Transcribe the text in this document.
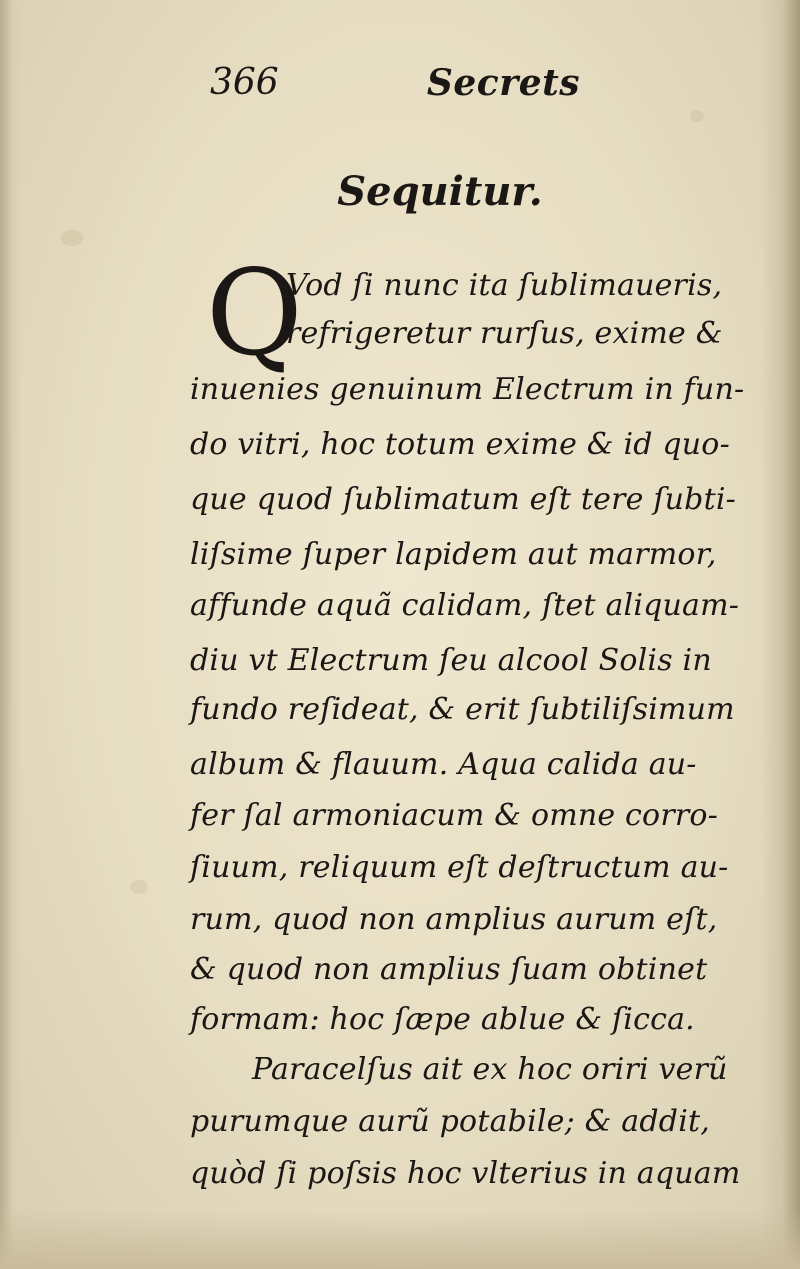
366	Secrets
Sequitur.
Q
Vod ſi nunc ita ſublimaueris,
refrigeretur rurſus, exime &
inuenies genuinum Electrum in fun-
do vitri, hoc totum exime & id quo-
que quod ſublimatum eſt tere ſubti-
liſsime ſuper lapidem aut marmor,
affunde aquã calidam, ſtet aliquam-
diu vt Electrum ſeu alcool Solis in
fundo reſideat, & erit ſubtiliſsimum
album & flauum. Aqua calida au-
fer ſal armoniacum & omne corro-
ſiuum, reliquum eſt deſtructum au-
rum, quod non amplius aurum eſt,
& quod non amplius ſuam obtinet
formam: hoc ſæpe ablue & ſicca.
Paracelſus ait ex hoc oriri verũ
purumque aurũ potabile; & addit,
quòd ſi poſsis hoc vlterius in aquam
